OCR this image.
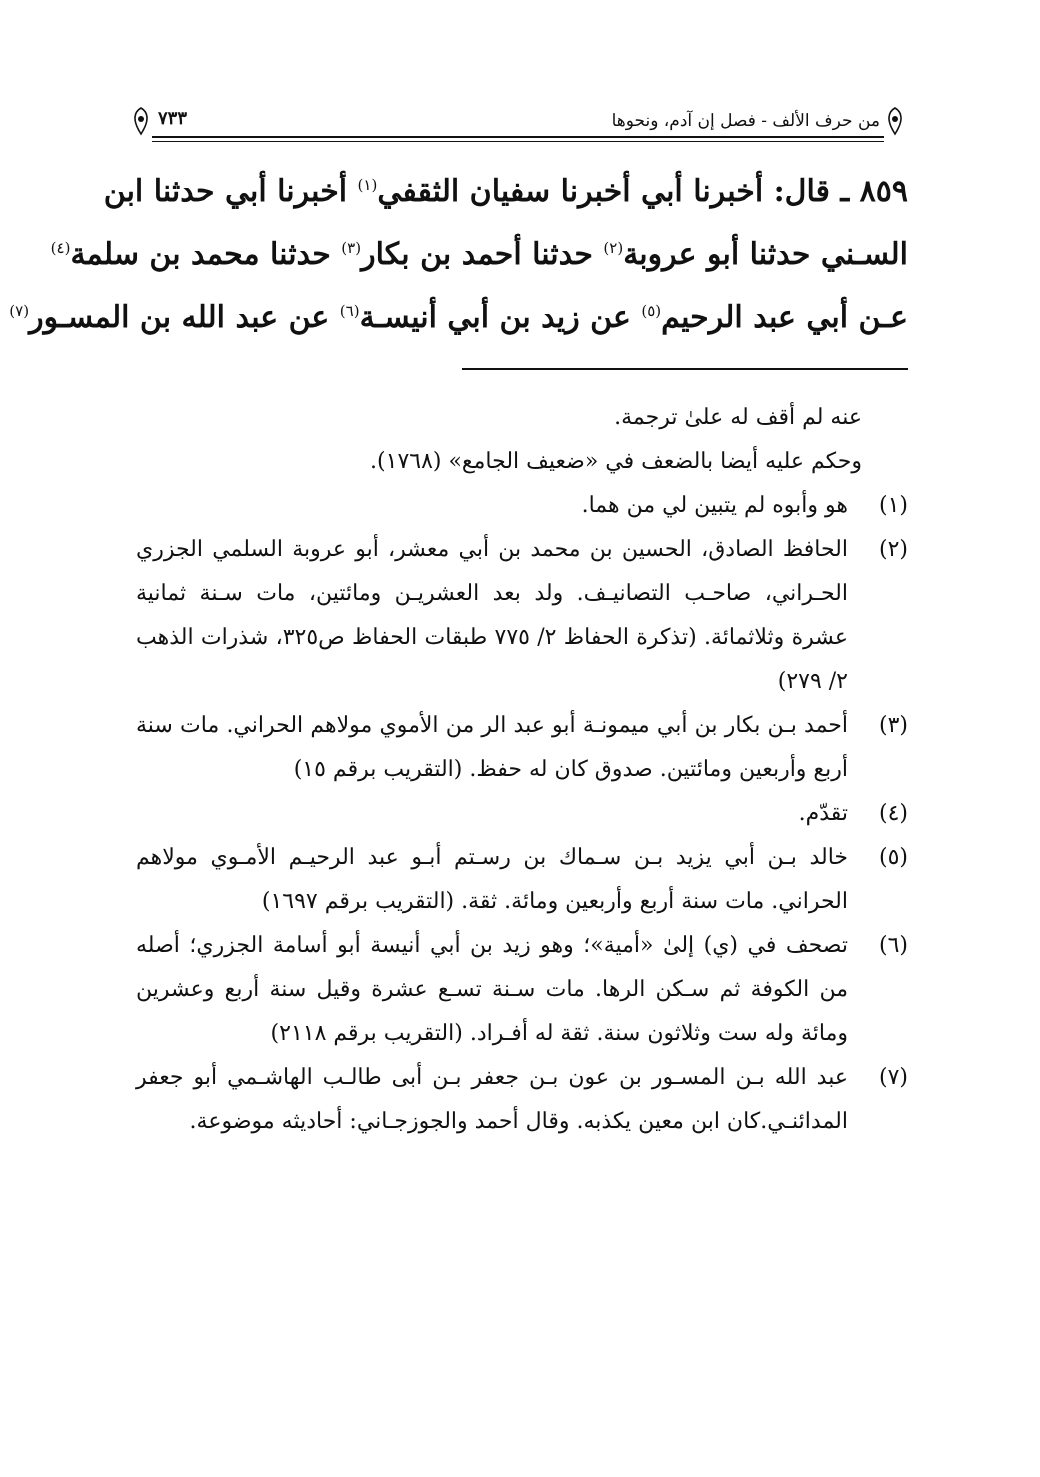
من حرف الألف - فصل إن آدم، ونحوها
٧٣٣
٨٥٩ ـ قال: أخبرنا أبي أخبرنا سفيان الثقفي$^{(١)}$ أخبرنا أبي حدثنا ابن
السـني حدثنا أبو عروبة$^{(٢)}$ حدثنا أحمد بن بكار$^{(٣)}$ حدثنا محمد بن سلمة$^{(٤)}$
عـن أبي عبد الرحيم$^{(٥)}$ عن زيد بن أبي أنيسـة$^{(٦)}$ عن عبد الله بن المسـور$^{(٧)}$
عنه لم أقف له علىٰ ترجمة.
وحكم عليه أيضا بالضعف في «ضعيف الجامع» (١٧٦٨).
(١)
هو وأبوه لم يتبين لي من هما.
(٢)
الحافظ الصادق، الحسين بن محمد بن أبي معشر، أبو عروبة السلمي الجزري الحـراني، صاحـب التصانيـف. ولد بعد العشريـن ومائتين، مات سـنة ثمانية عشرة وثلاثمائة. (تذكرة الحفاظ ٢/ ٧٧٥ طبقات الحفاظ ص٣٢٥، شذرات الذهب ٢/ ٢٧٩)
(٣)
أحمد بـن بكار بن أبي ميمونـة أبو عبد الر من الأموي مولاهم الحراني. مات سنة أربع وأربعين ومائتين. صدوق كان له حفظ. (التقريب برقم ١٥)
(٤)
تقدّم.
(٥)
خالد بـن أبي يزيد بـن سـماك بن رسـتم أبـو عبد الرحيـم الأمـوي مولاهم الحراني. مات سنة أربع وأربعين ومائة. ثقة. (التقريب برقم ١٦٩٧)
(٦)
تصحف في (ي) إلىٰ «أمية»؛ وهو زيد بن أبي أنيسة أبو أسامة الجزري؛ أصله من الكوفة ثم سـكن الرها. مات سـنة تسـع عشرة وقيل سنة أربع وعشرين ومائة وله ست وثلاثون سنة. ثقة له أفـراد. (التقريب برقم ٢١١٨)
(٧)
عبد الله بـن المسـور بن عون بـن جعفر بـن أبى طالـب الهاشـمي أبو جعفر المدائنـي.كان ابن معين يكذبه. وقال أحمد والجوزجـاني: أحاديثه موضوعة.
